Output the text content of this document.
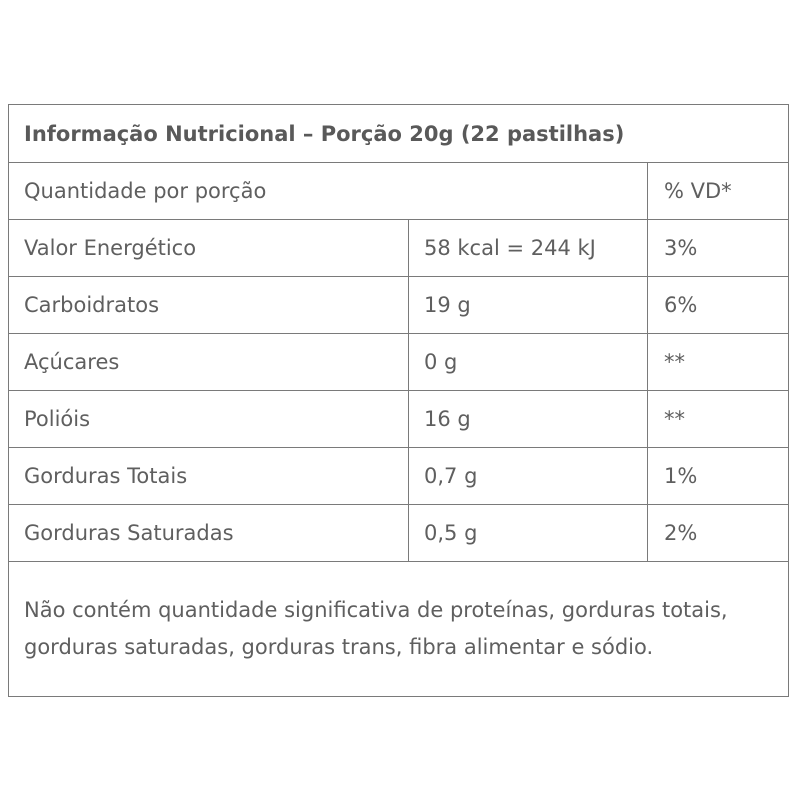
Informação Nutricional – Porção 20g (22 pastilhas)		
Quantidade por porção		% VD*
Valor Energético	58 kcal = 244 kJ	3%
Carboidratos	19 g	6%
Açúcares	0 g	**
Polióis	16 g	**
Gorduras Totais	0,7 g	1%
Gorduras Saturadas	0,5 g	2%
Não contém quantidade significativa de proteínas, gorduras totais, gorduras saturadas, gorduras trans, fibra alimentar e sódio.		
